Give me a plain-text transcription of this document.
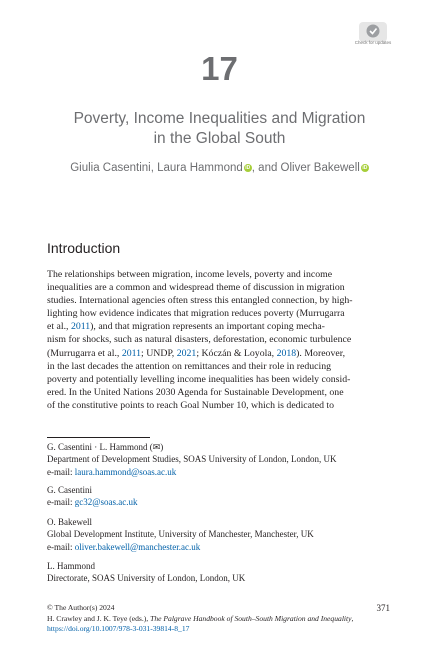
Check for updates
17
Poverty, Income Inequalities and Migration
in the Global South
Giulia Casentini, Laura Hammond iD , and Oliver Bakewell iD
Introduction
The relationships between migration, income levels, poverty and income
inequalities are a common and widespread theme of discussion in migration
studies. International agencies often stress this entangled connection, by high-
lighting how evidence indicates that migration reduces poverty (Murrugarra
et al., 2011), and that migration represents an important coping mecha-
nism for shocks, such as natural disasters, deforestation, economic turbulence
(Murrugarra et al., 2011; UNDP, 2021; Kóczán & Loyola, 2018). Moreover,
in the last decades the attention on remittances and their role in reducing
poverty and potentially levelling income inequalities has been widely consid-
ered. In the United Nations 2030 Agenda for Sustainable Development, one
of the constitutive points to reach Goal Number 10, which is dedicated to
G. Casentini · L. Hammond (✉)
Department of Development Studies, SOAS University of London, London, UK
e-mail: laura.hammond@soas.ac.uk
G. Casentini
e-mail: gc32@soas.ac.uk
O. Bakewell
Global Development Institute, University of Manchester, Manchester, UK
e-mail: oliver.bakewell@manchester.ac.uk
L. Hammond
Directorate, SOAS University of London, London, UK
© The Author(s) 2024
H. Crawley and J. K. Teye (eds.), The Palgrave Handbook of South–South Migration and Inequality, https://doi.org/10.1007/978-3-031-39814-8_17
371
